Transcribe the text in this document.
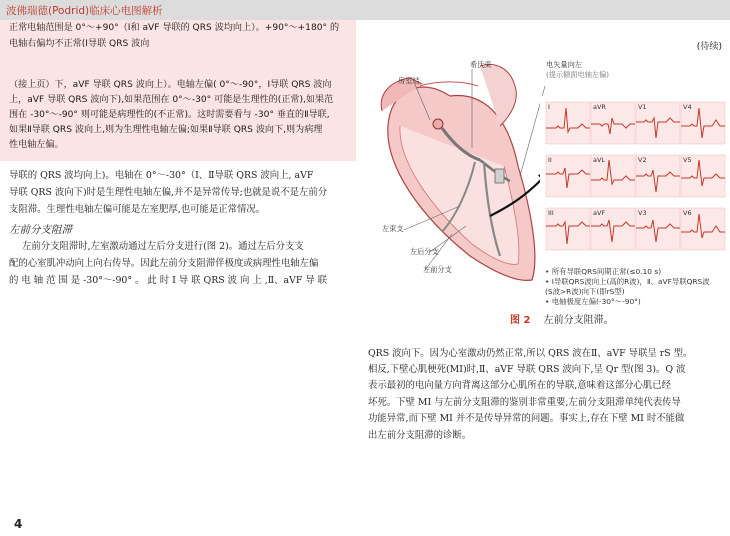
波佛瑞德(Podrid)临床心电图解析

正常电轴范围是 0°～+90°（Ⅰ和 aVF 导联的 QRS 波均向上）。+90°～+180° 的

电轴右偏均不正常(Ⅰ导联 QRS 波向	(待续)

（接上页）下，aVF 导联 QRS 波向上）。电轴左偏( 0°～-90°，Ⅰ导联 QRS 波向

上，aVF 导联 QRS 波向下),如果范围在 0°～-30° 可能是生理性的(正常),如果范

围在 -30°～-90° 则可能是病理性的(不正常)。这时需要看与 -30° 垂直的Ⅱ导联,

如果Ⅱ导联 QRS 波向上,则为生理性电轴左偏;如果Ⅱ导联 QRS 波向下,则为病理

性电轴左偏。

导联的 QRS 波均向上)。电轴在 0°～-30°（Ⅰ、Ⅱ导联 QRS 波向上, aVF

导联 QRS 波向下)时是生理性电轴左偏,并不是异常传导;也就是说不是左前分

支阻滞。生理性电轴左偏可能是左室肥厚,也可能是正常情况。

左前分支阻滞

左前分支阻滞时,左室激动通过左后分支进行(图 2)。通过左后分支支

配的心室肌冲动向上向右传导。因此左前分支阻滞伴极度或病理性电轴左偏

的 电 轴 范 围 是 -30°～-90° 。 此 时 Ⅰ 导 联 QRS 波 向 上 ,Ⅱ、aVF 导 联

I	aVR	V1	V4
II	aVL	V2	V5
III	aVF	V3	V6
希氏束
房室结
电矢量向左
(提示额面电轴左偏)
左束支
左后分支
左前分支	• 所有导联QRS间期正常(≤0.10 s)
• Ⅰ导联QRS波向上(高的R波)，Ⅱ、aVF导联QRS波
(S波>R波)向下(即rS型)
• 电轴极度左偏(-30°～-90°)
图 2 左前分支阻滞。

QRS 波向下。因为心室激动仍然正常,所以 QRS 波在Ⅱ、aVF 导联呈 rS 型。

相反,下壁心肌梗死(MI)时,Ⅱ、aVF 导联 QRS 波向下,呈 Qr 型(图 3)。Q 波

表示最初的电向量方向背离这部分心肌所在的导联,意味着这部分心肌已经

坏死。下壁 MI 与左前分支阻滞的鉴别非常重要,左前分支阻滞单纯代表传导

功能异常,而下壁 MI 并不是传导异常的问题。事实上,存在下壁 MI 时不能做

出左前分支阻滞的诊断。

4
